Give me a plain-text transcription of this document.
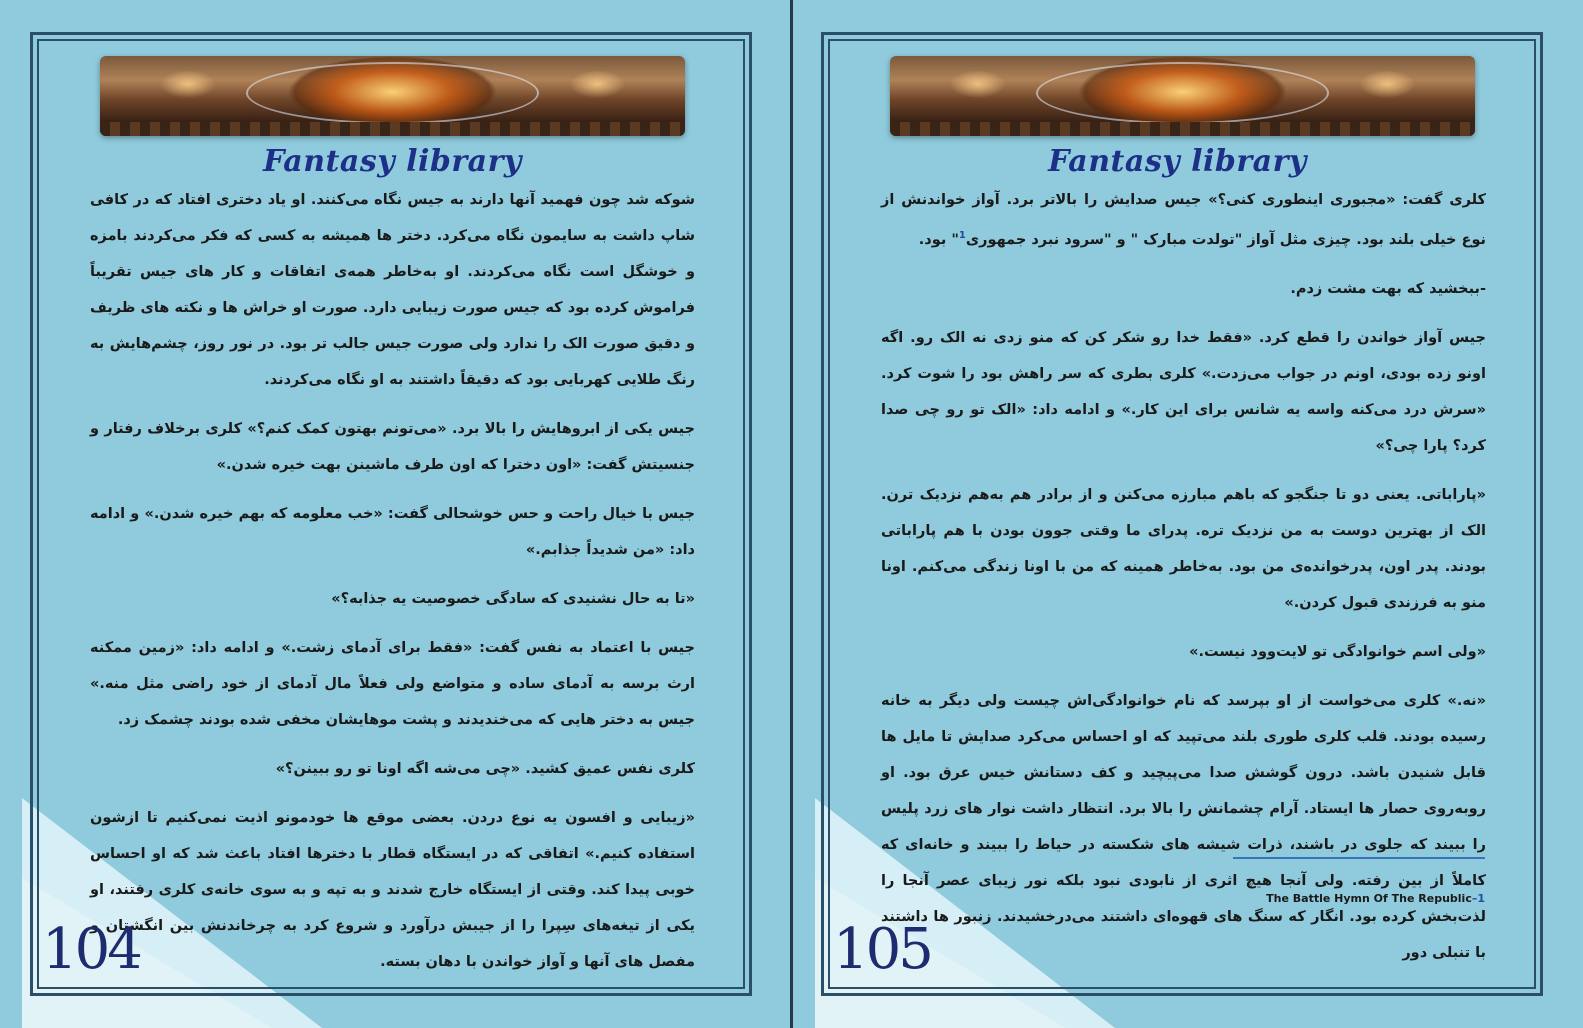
Fantasy library

شوکه شد چون فهمید آنها دارند به جیس نگاه می‌کنند. او یاد دختری افتاد که در کافی شاپ داشت به سایمون نگاه می‌کرد. دختر ها همیشه به کسی که فکر می‌کردند بامزه و خوشگل است نگاه می‌کردند. او به‌خاطر همه‌ی اتفاقات و کار های جیس تقریباً فراموش کرده بود که جیس صورت زیبایی دارد. صورت او خراش ها و نکته های ظریف و دقیق صورت الک را ندارد ولی صورت جیس جالب تر بود. در نور روز، چشم‌هایش به رنگ طلایی کهربایی بود که دقیقاً داشتند به او نگاه می‌کردند.

جیس یکی از ابروهایش را بالا برد. «می‌تونم بهتون کمک کنم؟» کلری برخلاف رفتار و جنسیتش گفت: «اون دخترا که اون طرف ماشینن بهت خیره شدن.»

جیس با خیال راحت و حس خوشحالی گفت: «خب معلومه که بهم خیره شدن.» و ادامه داد: «من شدیداً جذابم.»

«تا به حال نشنیدی که سادگی خصوصیت یه جذابه؟»

جیس با اعتماد به نفس گفت: «فقط برای آدمای زشت.» و ادامه داد: «زمین ممکنه ارث برسه به آدمای ساده و متواضع ولی فعلاً مال آدمای از خود راضی مثل منه.» جیس به دختر هایی که می‌خندیدند و پشت موهایشان مخفی شده بودند چشمک زد.

کلری نفس عمیق کشید. «چی می‌شه اگه اونا تو رو ببینن؟»

«زیبایی و افسون یه نوع دردن. بعضی موقع ها خودمونو اذیت نمی‌کنیم تا ازشون استفاده کنیم.» اتفاقی که در ایستگاه قطار با دخترها افتاد باعث شد که او احساس خوبی پیدا کند. وقتی از ایستگاه خارج شدند و به تپه و به سوی خانه‌ی کلری رفتند، او یکی از تیغه‌های سِپرا را از جیبش درآورد و شروع کرد به چرخاندنش بین انگشتان و مفصل های آنها و آواز خواندن با دهان بسته.

104
Fantasy library

کلری گفت: «مجبوری اینطوری کنی؟» جیس صدایش را بالاتر برد. آواز خواندنش از نوع خیلی بلند بود. چیزی مثل آواز "تولدت مبارک " و "سرود نبرد جمهوری$^1$" بود.

-ببخشید که بهت مشت زدم.

جیس آواز خواندن را قطع کرد. «فقط خدا رو شکر کن که منو زدی نه الک رو. اگه اونو زده بودی، اونم در جواب می‌زدت.» کلری بطری که سر راهش بود را شوت کرد. «سرش درد می‌کنه واسه یه شانس برای این کار.» و ادامه داد: «الک تو رو چی صدا کرد؟ پارا چی؟»

«پاراباتی. یعنی دو تا جنگجو که باهم مبارزه می‌کنن و از برادر هم به‌هم نزدیک ترن. الک از بهترین دوست به من نزدیک تره. پدرای ما وقتی جوون بودن با هم پاراباتی بودند. پدر اون، پدرخوانده‌ی من بود. به‌خاطر همینه که من با اونا زندگی می‌کنم. اونا منو به فرزندی قبول کردن.»

«ولی اسم خوانوادگی تو لایت‌وود نیست.»

«نه.» کلری می‌خواست از او بپرسد که نام خوانوادگی‌اش چیست ولی دیگر به خانه رسیده بودند. قلب کلری طوری بلند می‌تپید که او احساس می‌کرد صدایش تا مایل ها قابل شنیدن باشد. درون گوشش صدا می‌پیچید و کف دستانش خیس عرق بود. او روبه‌روی حصار ها ایستاد. آرام چشمانش را بالا برد. انتظار داشت نوار های زرد پلیس را ببیند که جلوی در باشند، ذرات شیشه های شکسته در حیاط را ببیند و خانه‌ای که کاملاً از بین رفته. ولی آنجا هیچ اثری از نابودی نبود بلکه نور زیبای عصر آنجا را لذت‌بخش کرده بود. انگار که سنگ های قهوه‌ای داشتند می‌درخشیدند. زنبور ها داشتند با تنبلی دور

The Battle Hymn Of The Republic–1
105
